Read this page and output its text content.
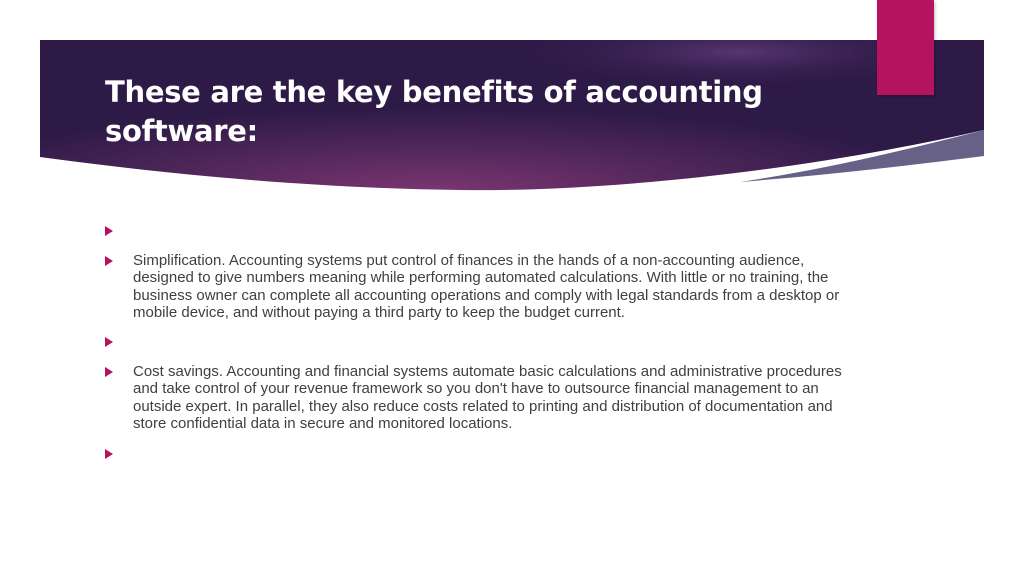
These are the key benefits of accounting software:
Simplification. Accounting systems put control of finances in the hands of a non-accounting audience, designed to give numbers meaning while performing automated calculations. With little or no training, the business owner can complete all accounting operations and comply with legal standards from a desktop or mobile device, and without paying a third party to keep the budget current.
Cost savings. Accounting and financial systems automate basic calculations and administrative procedures and take control of your revenue framework so you don't have to outsource financial management to an outside expert. In parallel, they also reduce costs related to printing and distribution of documentation and store confidential data in secure and monitored locations.
